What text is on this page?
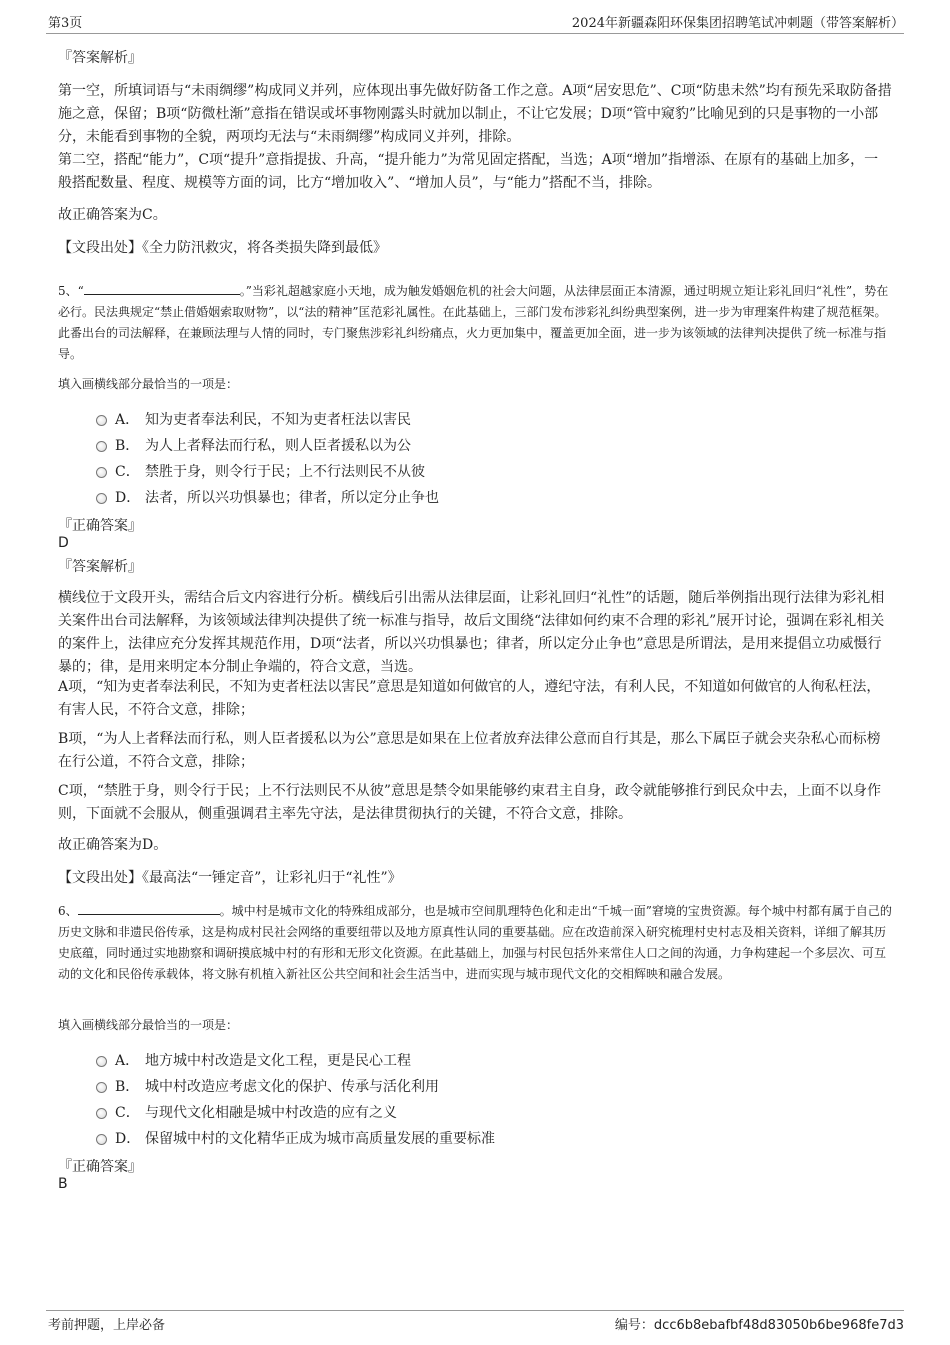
第3页	2024年新疆森阳环保集团招聘笔试冲刺题（带答案解析）
『答案解析』

第一空，所填词语与“未雨绸缪”构成同义并列，应体现出事先做好防备工作之意。A项“居安思危”、C项“防患未然”均有预先采取防备措施之意，保留；B项“防微杜渐”意指在错误或坏事物刚露头时就加以制止，不让它发展；D项“管中窥豹”比喻见到的只是事物的一小部分，未能看到事物的全貌，两项均无法与“未雨绸缪”构成同义并列，排除。

第二空，搭配“能力”，C项“提升”意指提拔、升高，“提升能力”为常见固定搭配，当选；A项“增加”指增添、在原有的基础上加多，一般搭配数量、程度、规模等方面的词，比方“增加收入”、“增加人员”，与“能力”搭配不当，排除。

故正确答案为C。
【文段出处】《全力防汛救灾，将各类损失降到最低》

5、“	。”当彩礼超越家庭小天地，成为触发婚姻危机的社会大问题，从法律层面正本清源，通过明规立矩让彩礼回归“礼性”，势在必行。民法典规定“禁止借婚姻索取财物”，以“法的精神”匡范彩礼属性。在此基础上，三部门发布涉彩礼纠纷典型案例，进一步为审理案件构建了规范框架。此番出台的司法解释，在兼顾法理与人情的同时，专门聚焦涉彩礼纠纷痛点，火力更加集中，覆盖更加全面，进一步为该领域的法律判决提供了统一标准与指导。

填入画横线部分最恰当的一项是：
A． 知为吏者奉法利民，不知为吏者枉法以害民
B． 为人上者释法而行私，则人臣者援私以为公
C． 禁胜于身，则令行于民；上不行法则民不从彼
D． 法者，所以兴功惧暴也；律者，所以定分止争也
『正确答案』
D
『答案解析』

横线位于文段开头，需结合后文内容进行分析。横线后引出需从法律层面，让彩礼回归“礼性”的话题，随后举例指出现行法律为彩礼相关案件出台司法解释，为该领域法律判决提供了统一标准与指导，故后文围绕“法律如何约束不合理的彩礼”展开讨论，强调在彩礼相关的案件上，法律应充分发挥其规范作用，D项“法者，所以兴功惧暴也；律者，所以定分止争也”意思是所谓法，是用来提倡立功威慑行暴的；律，是用来明定本分制止争端的，符合文意，当选。

A项，“知为吏者奉法利民，不知为吏者枉法以害民”意思是知道如何做官的人，遵纪守法，有利人民，不知道如何做官的人徇私枉法，有害人民，不符合文意，排除；

B项，“为人上者释法而行私，则人臣者援私以为公”意思是如果在上位者放弃法律公意而自行其是，那么下属臣子就会夹杂私心而标榜在行公道，不符合文意，排除；

C项，“禁胜于身，则令行于民；上不行法则民不从彼”意思是禁令如果能够约束君主自身，政令就能够推行到民众中去，上面不以身作则，下面就不会服从，侧重强调君主率先守法，是法律贯彻执行的关键，不符合文意，排除。

故正确答案为D。
【文段出处】《最高法“一锤定音”，让彩礼归于“礼性”》

6、	。城中村是城市文化的特殊组成部分，也是城市空间肌理特色化和走出“千城一面”窘境的宝贵资源。每个城中村都有属于自己的历史文脉和非遗民俗传承，这是构成村民社会网络的重要纽带以及地方原真性认同的重要基础。应在改造前深入研究梳理村史村志及相关资料，详细了解其历史底蕴，同时通过实地勘察和调研摸底城中村的有形和无形文化资源。在此基础上，加强与村民包括外来常住人口之间的沟通，力争构建起一个多层次、可互动的文化和民俗传承载体，将文脉有机植入新社区公共空间和社会生活当中，进而实现与城市现代文化的交相辉映和融合发展。

填入画横线部分最恰当的一项是：
A． 地方城中村改造是文化工程，更是民心工程
B． 城中村改造应考虑文化的保护、传承与活化利用
C． 与现代文化相融是城中村改造的应有之义
D． 保留城中村的文化精华正成为城市高质量发展的重要标准
『正确答案』
B
考前押题，上岸必备	编号：dcc6b8ebafbf48d83050b6be968fe7d3
